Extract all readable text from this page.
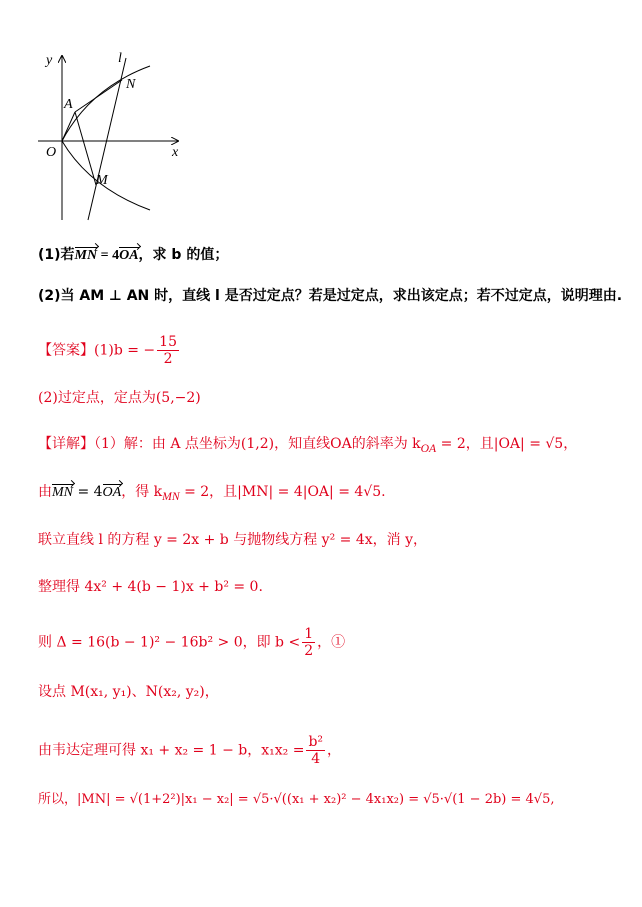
y	l
N
A
O	x
M
(1)若MN = 4OA，求 b 的值；
(2)当 AM ⊥ AN 时，直线 l 是否过定点？若是过定点，求出该定点；若不过定点，说明理由.
【答案】(1)b = − $\frac{15}{2}$
(2)过定点，定点为(5,−2)
【详解】（1）解：由 A 点坐标为(1,2)，知直线OA的斜率为 $k_{OA} = 2$，且|OA| = √5，
由MN = 4OA，得 $k_{MN} = 2$，且|MN| = 4|OA| = 4√5.
联立直线 l 的方程 y = 2x + b 与抛物线方程 y² = 4x，消 y，
整理得 4x² + 4(b − 1)x + b² = 0.
则 Δ = 16(b − 1)² − 16b² > 0，即 $b < \frac{1}{2}$ ，①
设点 M(x₁, y₁)、N(x₂, y₂)，
由韦达定理可得 x₁ + x₂ = 1 − b，$x_1x_2 = \frac{\text{b²}}{4}$ ，
所以，|MN| = √(1+2²)|x₁ − x₂| = √5·√((x₁ + x₂)² − 4x₁x₂) = √5·√(1 − 2b) = 4√5,
